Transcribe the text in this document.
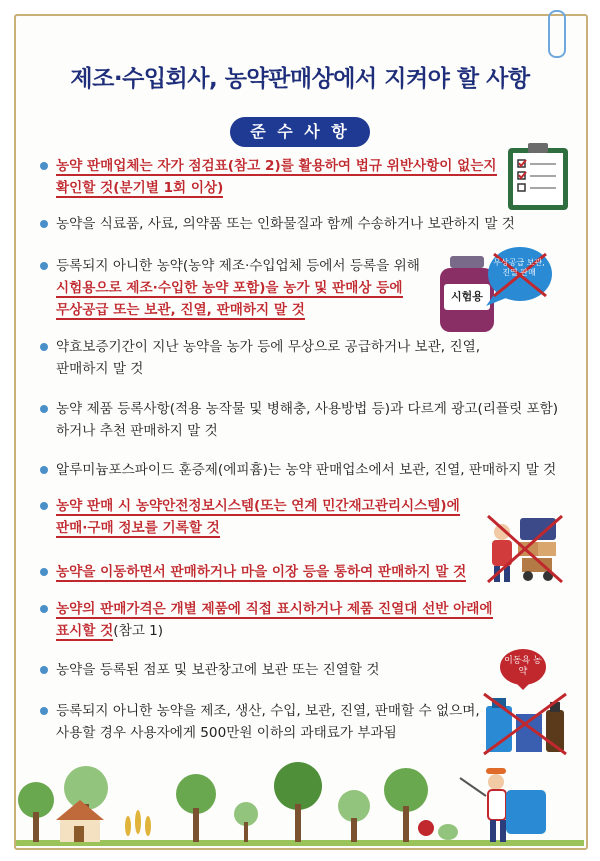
제조·수입회사, 농약판매상에서 지켜야 할 사항
준 수 사 항
농약 판매업체는 자가 점검표(참고 2)를 활용하여 법규 위반사항이 없는지
확인할 것(분기별 1회 이상)
농약을 식료품, 사료, 의약품 또는 인화물질과 함께 수송하거나 보관하지 말 것
등록되지 아니한 농약(농약 제조·수입업체 등에서 등록을 위해
시험용으로 제조·수입한 농약 포함)을 농가 및 판매상 등에
무상공급 또는 보관, 진열, 판매하지 말 것
약효보증기간이 지난 농약을 농가 등에 무상으로 공급하거나 보관, 진열,
판매하지 말 것
농약 제품 등록사항(적용 농작물 및 병해충, 사용방법 등)과 다르게 광고(리플릿 포함)
하거나 추천 판매하지 말 것
알루미늄포스파이드 훈증제(에피흄)는 농약 판매업소에서 보관, 진열, 판매하지 말 것
농약 판매 시 농약안전정보시스템(또는 연계 민간재고관리시스템)에
판매·구매 정보를 기록할 것
농약을 이동하면서 판매하거나 마을 이장 등을 통하여 판매하지 말 것
농약의 판매가격은 개별 제품에 직접 표시하거나 제품 진열대 선반 아래에
표시할 것(참고 1)
농약을 등록된 점포 및 보관창고에 보관 또는 진열할 것
등록되지 아니한 농약을 제조, 생산, 수입, 보관, 진열, 판매할 수 없으며,
사용할 경우 사용자에게 500만원 이하의 과태료가 부과됨
시험용
무상공급 보관, 진열 판매
이동욕 농약
